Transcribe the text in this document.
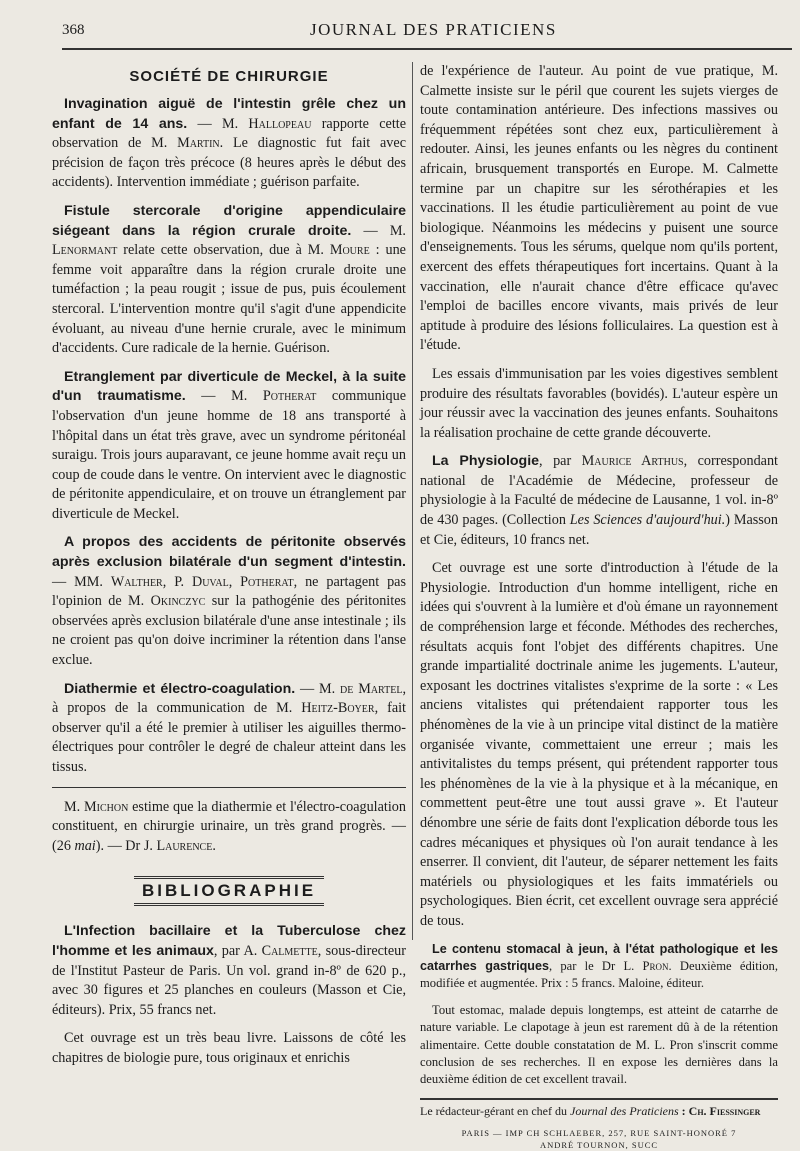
368	JOURNAL DES PRATICIENS
SOCIÉTÉ DE CHIRURGIE

Invagination aiguë de l'intestin grêle chez un enfant de 14 ans. — M. Hallopeau rapporte cette observation de M. Martin. Le diagnostic fut fait avec précision de façon très précoce (8 heures après le début des accidents). Intervention immédiate ; guérison parfaite.

Fistule stercorale d'origine appendiculaire siégeant dans la région crurale droite. — M. Lenormant relate cette observation, due à M. Moure : une femme voit apparaître dans la région crurale droite une tuméfaction ; la peau rougit ; issue de pus, puis écoulement stercoral. L'intervention montre qu'il s'agit d'une appendicite évoluant, au niveau d'une hernie crurale, avec le minimum d'accidents. Cure radicale de la hernie. Guérison.

Etranglement par diverticule de Meckel, à la suite d'un traumatisme. — M. Potherat communique l'observation d'un jeune homme de 18 ans transporté à l'hôpital dans un état très grave, avec un syndrome péritonéal suraigu. Trois jours auparavant, ce jeune homme avait reçu un coup de coude dans le ventre. On intervient avec le diagnostic de péritonite appendiculaire, et on trouve un étranglement par diverticule de Meckel.

A propos des accidents de péritonite observés après exclusion bilatérale d'un segment d'intestin. — MM. Walther, P. Duval, Potherat, ne partagent pas l'opinion de M. Okinczyc sur la pathogénie des péritonites observées après exclusion bilatérale d'une anse intestinale ; ils ne croient pas qu'on doive incriminer la rétention dans l'anse exclue.

Diathermie et électro-coagulation. — M. de Martel, à propos de la communication de M. Heitz-Boyer, fait observer qu'il a été le premier à utiliser les aiguilles thermo-électriques pour contrôler le degré de chaleur atteint dans les tissus.

M. Michon estime que la diathermie et l'électro-coagulation constituent, en chirurgie urinaire, un très grand progrès. — (26 mai). — Dr J. Laurence.

BIBLIOGRAPHIE

L'Infection bacillaire et la Tuberculose chez l'homme et les animaux, par A. Calmette, sous-directeur de l'Institut Pasteur de Paris. Un vol. grand in-8º de 620 p., avec 30 figures et 25 planches en couleurs (Masson et Cie, éditeurs). Prix, 55 francs net.

Cet ouvrage est un très beau livre. Laissons de côté les chapitres de biologie pure, tous originaux et enrichis

de l'expérience de l'auteur. Au point de vue pratique, M. Calmette insiste sur le péril que courent les sujets vierges de toute contamination antérieure. Des infections massives ou fréquemment répétées sont chez eux, particulièrement à redouter. Ainsi, les jeunes enfants ou les nègres du continent africain, brusquement transportés en Europe. M. Calmette termine par un chapitre sur les sérothérapies et les vaccinations. Il les étudie particulièrement au point de vue biologique. Néanmoins les médecins y puisent une source d'enseignements. Tous les sérums, quelque nom qu'ils portent, exercent des effets thérapeutiques fort incertains. Quant à la vaccination, elle n'aurait chance d'être efficace qu'avec l'emploi de bacilles encore vivants, mais privés de leur aptitude à produire des lésions folliculaires. La question est à l'étude.

Les essais d'immunisation par les voies digestives semblent produire des résultats favorables (bovidés). L'auteur espère un jour réussir avec la vaccination des jeunes enfants. Souhaitons la réalisation prochaine de cette grande découverte.

La Physiologie, par Maurice Arthus, correspondant national de l'Académie de Médecine, professeur de physiologie à la Faculté de médecine de Lausanne, 1 vol. in-8º de 430 pages. (Collection Les Sciences d'aujourd'hui.) Masson et Cie, éditeurs, 10 francs net.

Cet ouvrage est une sorte d'introduction à l'étude de la Physiologie. Introduction d'un homme intelligent, riche en idées qui s'ouvrent à la lumière et d'où émane un rayonnement de compréhension large et féconde. Méthodes des recherches, résultats acquis font l'objet des différents chapitres. Une grande impartialité doctrinale anime les jugements. L'auteur, exposant les doctrines vitalistes s'exprime de la sorte : « Les anciens vitalistes qui prétendaient rapporter tous les phénomènes de la vie à un principe vital distinct de la matière organisée vivante, commettaient une erreur ; mais les antivitalistes du temps présent, qui prétendent rapporter tous les phénomènes de la vie à la physique et à la mécanique, en commettent peut-être une tout aussi grave ». Et l'auteur dénombre une série de faits dont l'explication déborde tous les cadres mécaniques et physiques où l'on aurait tendance à les enserrer. Il convient, dit l'auteur, de séparer nettement les faits matériels ou physiologiques et les faits immatériels ou psychologiques. Bien écrit, cet excellent ouvrage sera apprécié de tous.

Le contenu stomacal à jeun, à l'état pathologique et les catarrhes gastriques, par le Dr L. Pron. Deuxième édition, modifiée et augmentée. Prix : 5 francs. Maloine, éditeur.

Tout estomac, malade depuis longtemps, est atteint de catarrhe de nature variable. Le clapotage à jeun est rarement dû à de la rétention alimentaire. Cette double constatation de M. L. Pron s'inscrit comme conclusion de ses recherches. Il en expose les dernières dans la deuxième édition de cet excellent travail.

Le rédacteur-gérant en chef du Journal des Praticiens : Ch. Fiessinger
PARIS — IMP CH SCHLAEBER, 257, RUE SAINT-HONORÉ 7
ANDRÉ TOURNON, SUCC
